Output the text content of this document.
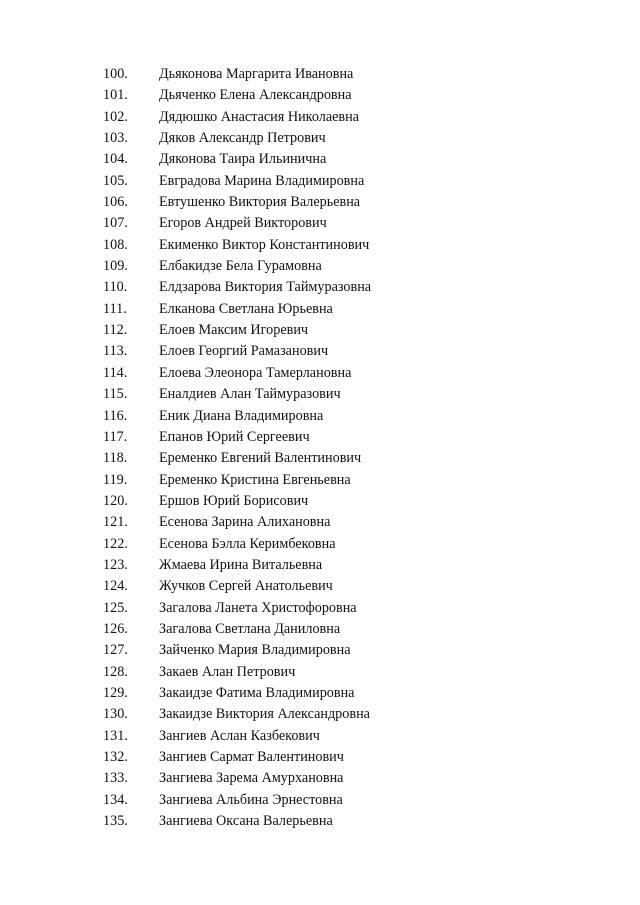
100. Дьяконова Маргарита Ивановна
101. Дьяченко Елена Александровна
102. Дядюшко Анастасия Николаевна
103. Дяков Александр Петрович
104. Дяконова Таира Ильинична
105. Евградова Марина Владимировна
106. Евтушенко Виктория Валерьевна
107. Егоров Андрей Викторович
108. Екименко Виктор Константинович
109. Елбакидзе Бела Гурамовна
110. Елдзарова Виктория Таймуразовна
111. Елканова Светлана Юрьевна
112. Елоев Максим Игоревич
113. Елоев Георгий Рамазанович
114. Елоева Элеонора Тамерлановна
115. Еналдиев Алан Таймуразович
116. Еник Диана Владимировна
117. Епанов Юрий Сергеевич
118. Еременко Евгений Валентинович
119. Еременко Кристина Евгеньевна
120. Ершов Юрий Борисович
121. Есенова Зарина Алихановна
122. Есенова Бэлла Керимбековна
123. Жмаева Ирина Витальевна
124. Жучков Сергей Анатольевич
125. Загалова Ланета Христофоровна
126. Загалова Светлана Даниловна
127. Зайченко Мария Владимировна
128. Закаев Алан Петрович
129. Закаидзе Фатима Владимировна
130. Закаидзе Виктория Александровна
131. Зангиев Аслан Казбекович
132. Зангиев Сармат Валентинович
133. Зангиева Зарема Амурхановна
134. Зангиева Альбина Эрнестовна
135. Зангиева Оксана Валерьевна
